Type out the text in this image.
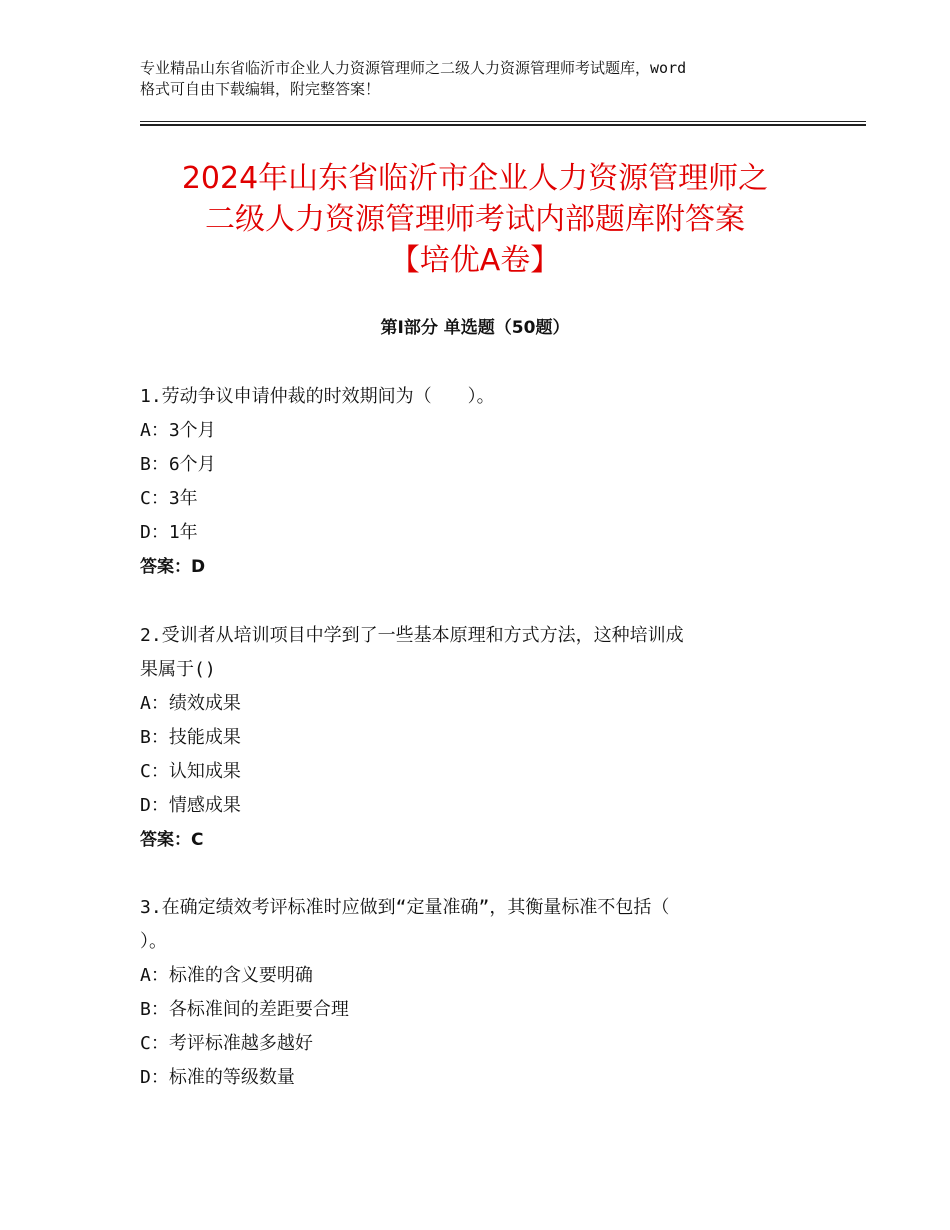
专业精品山东省临沂市企业人力资源管理师之二级人力资源管理师考试题库，word
格式可自由下载编辑，附完整答案！
2024年山东省临沂市企业人力资源管理师之
二级人力资源管理师考试内部题库附答案
【培优A卷】
第Ⅰ部分 单选题（50题）
1.劳动争议申请仲裁的时效期间为（　　）。
A：3个月
B：6个月
C：3年
D：1年
答案：D
2.受训者从培训项目中学到了一些基本原理和方式方法，这种培训成
果属于()
A：绩效成果
B：技能成果
C：认知成果
D：情感成果
答案：C
3.在确定绩效考评标准时应做到“定量准确”，其衡量标准不包括（
）。
A：标准的含义要明确
B：各标准间的差距要合理
C：考评标准越多越好
D：标准的等级数量
